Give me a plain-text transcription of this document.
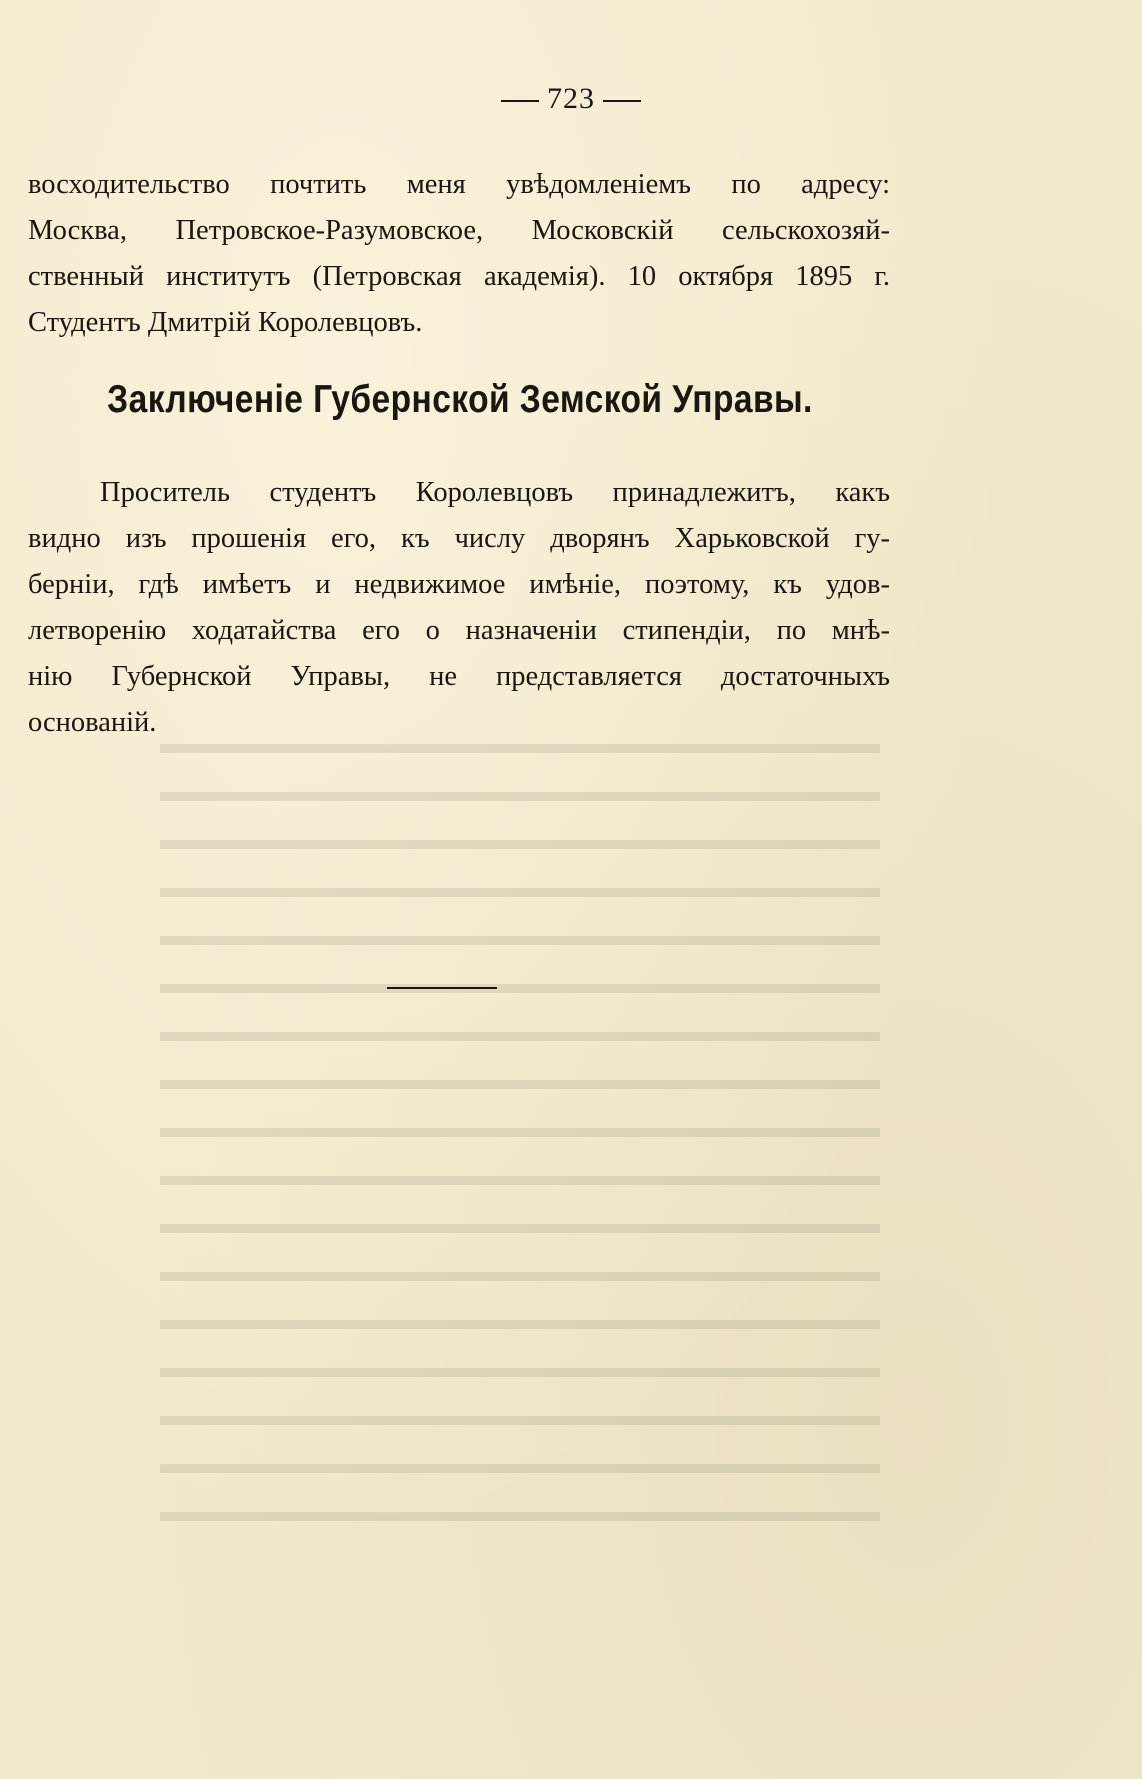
▬▬▬▬▬▬▬▬▬▬▬▬▬▬▬▬▬▬▬▬▬▬▬▬
▬▬▬▬▬▬▬▬▬▬▬▬▬▬▬▬▬▬▬▬▬▬▬▬
▬▬▬▬▬▬▬▬▬▬▬▬▬▬▬▬▬▬▬▬▬▬▬▬
▬▬▬▬▬▬▬▬▬▬▬▬▬▬▬▬▬▬▬▬▬▬▬▬
▬▬▬▬▬▬▬▬▬▬▬▬▬▬▬▬▬▬▬▬▬▬▬▬
▬▬▬▬▬▬▬▬▬▬▬▬▬▬▬▬▬▬▬▬▬▬▬▬
▬▬▬▬▬▬▬▬▬▬▬▬▬▬▬▬▬▬▬▬▬▬▬▬
▬▬▬▬▬▬▬▬▬▬▬▬▬▬▬▬▬▬▬▬▬▬▬▬
▬▬▬▬▬▬▬▬▬▬▬▬▬▬▬▬▬▬▬▬▬▬▬▬
▬▬▬▬▬▬▬▬▬▬▬▬▬▬▬▬▬▬▬▬▬▬▬▬
▬▬▬▬▬▬▬▬▬▬▬▬▬▬▬▬▬▬▬▬▬▬▬▬
▬▬▬▬▬▬▬▬▬▬▬▬▬▬▬▬▬▬▬▬▬▬▬▬
▬▬▬▬▬▬▬▬▬▬▬▬▬▬▬▬▬▬▬▬▬▬▬▬
▬▬▬▬▬▬▬▬▬▬▬▬▬▬▬▬▬▬▬▬▬▬▬▬
▬▬▬▬▬▬▬▬▬▬▬▬▬▬▬▬▬▬▬▬▬▬▬▬
▬▬▬▬▬▬▬▬▬▬▬▬▬▬▬▬▬▬▬▬▬▬▬▬
▬▬▬▬▬▬▬▬▬▬▬▬▬▬▬▬▬▬▬▬▬▬▬▬
723
восходительство почтить меня увѣдомленіемъ по адресу:
Москва, Петровское-Разумовское, Московскій сельскохозяй-
ственный институтъ (Петровская академія). 10 октября 1895 г.
Студентъ Дмитрій Королевцовъ.
Заключеніе Губернской Земской Управы.
Проситель студентъ Королевцовъ принадлежитъ, какъ
видно изъ прошенія его, къ числу дворянъ Харьковской гу-
берніи, гдѣ имѣетъ и недвижимое имѣніе, поэтому, къ удов-
летворенію ходатайства его о назначеніи стипендіи, по мнѣ-
нію Губернской Управы, не представляется достаточныхъ
основаній.
